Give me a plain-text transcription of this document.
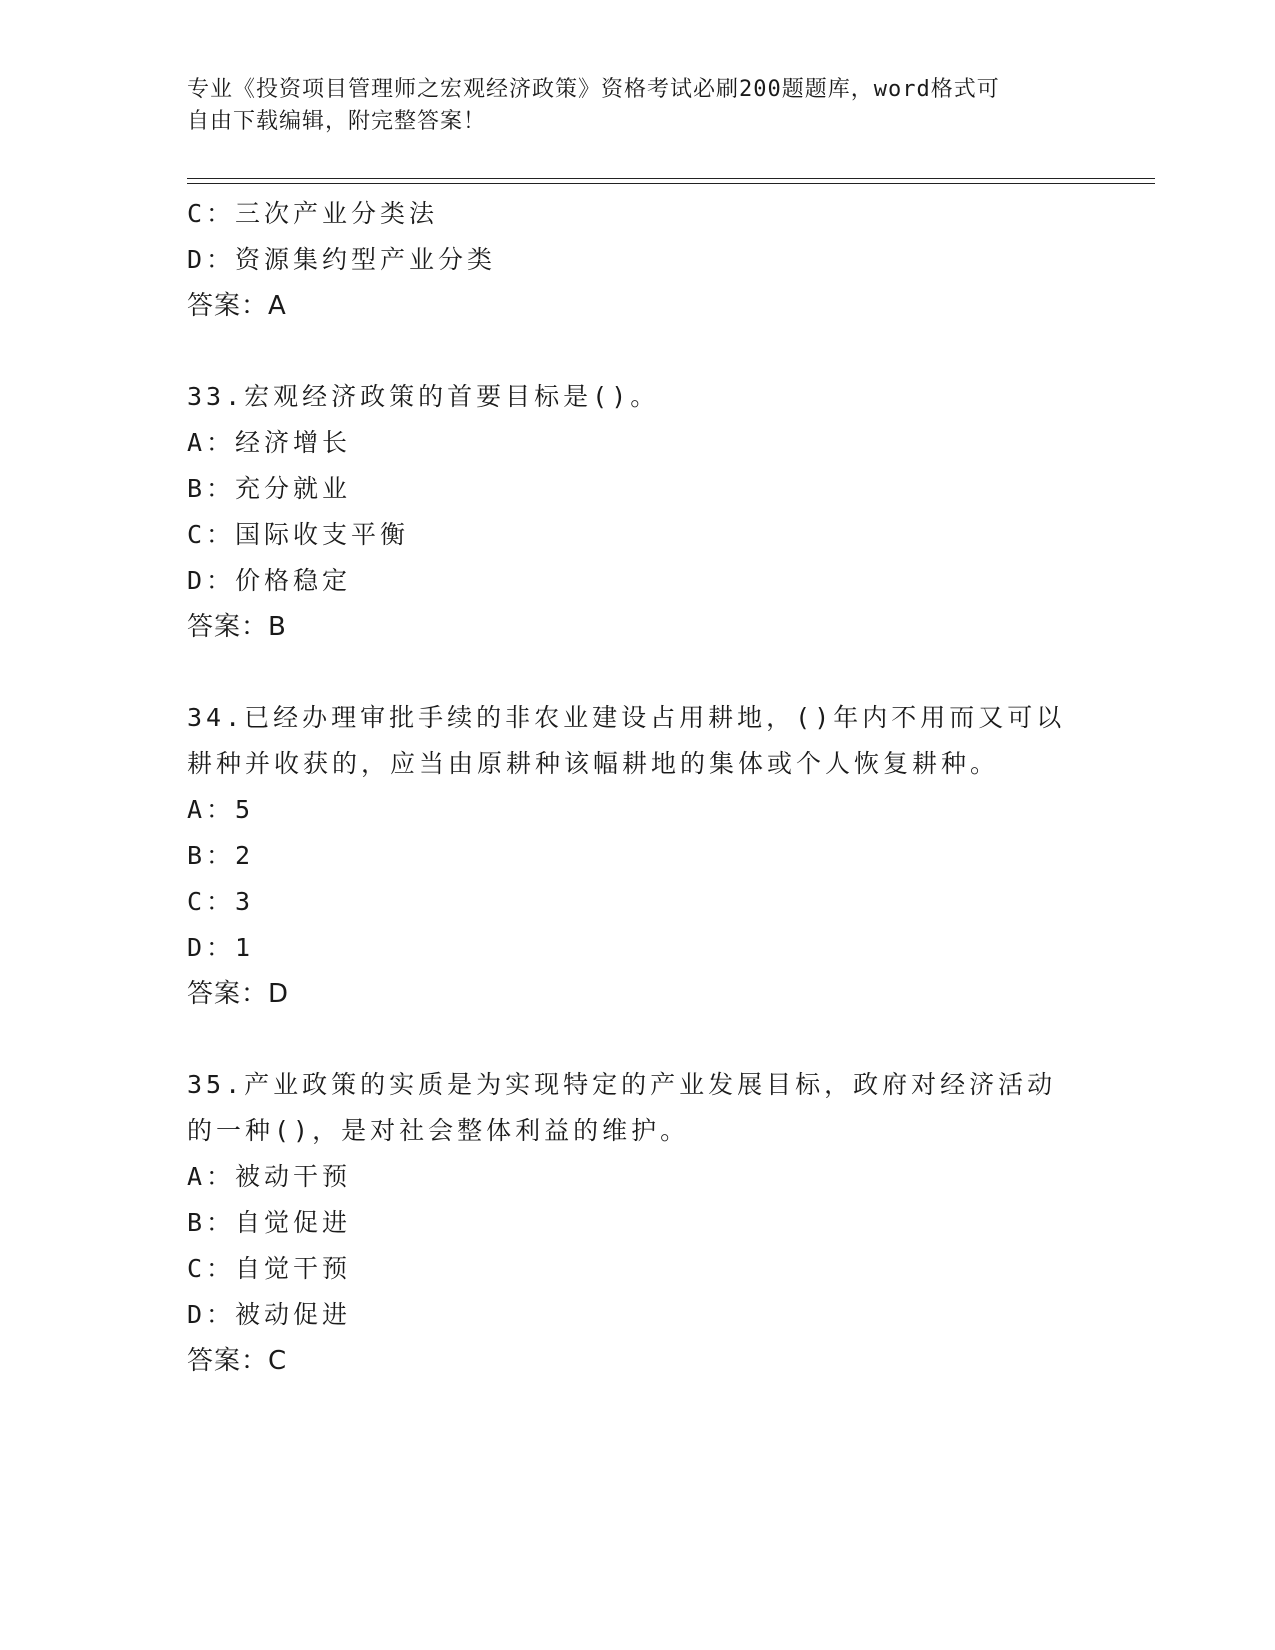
专业《投资项目管理师之宏观经济政策》资格考试必刷200题题库，word格式可
自由下载编辑，附完整答案！
C：三次产业分类法
D：资源集约型产业分类
答案：A
33.宏观经济政策的首要目标是()。
A：经济增长
B：充分就业
C：国际收支平衡
D：价格稳定
答案：B
34.已经办理审批手续的非农业建设占用耕地，()年内不用而又可以耕种并收获的，应当由原耕种该幅耕地的集体或个人恢复耕种。
A：5
B：2
C：3
D：1
答案：D
35.产业政策的实质是为实现特定的产业发展目标，政府对经济活动的一种()，是对社会整体利益的维护。
A：被动干预
B：自觉促进
C：自觉干预
D：被动促进
答案：C
